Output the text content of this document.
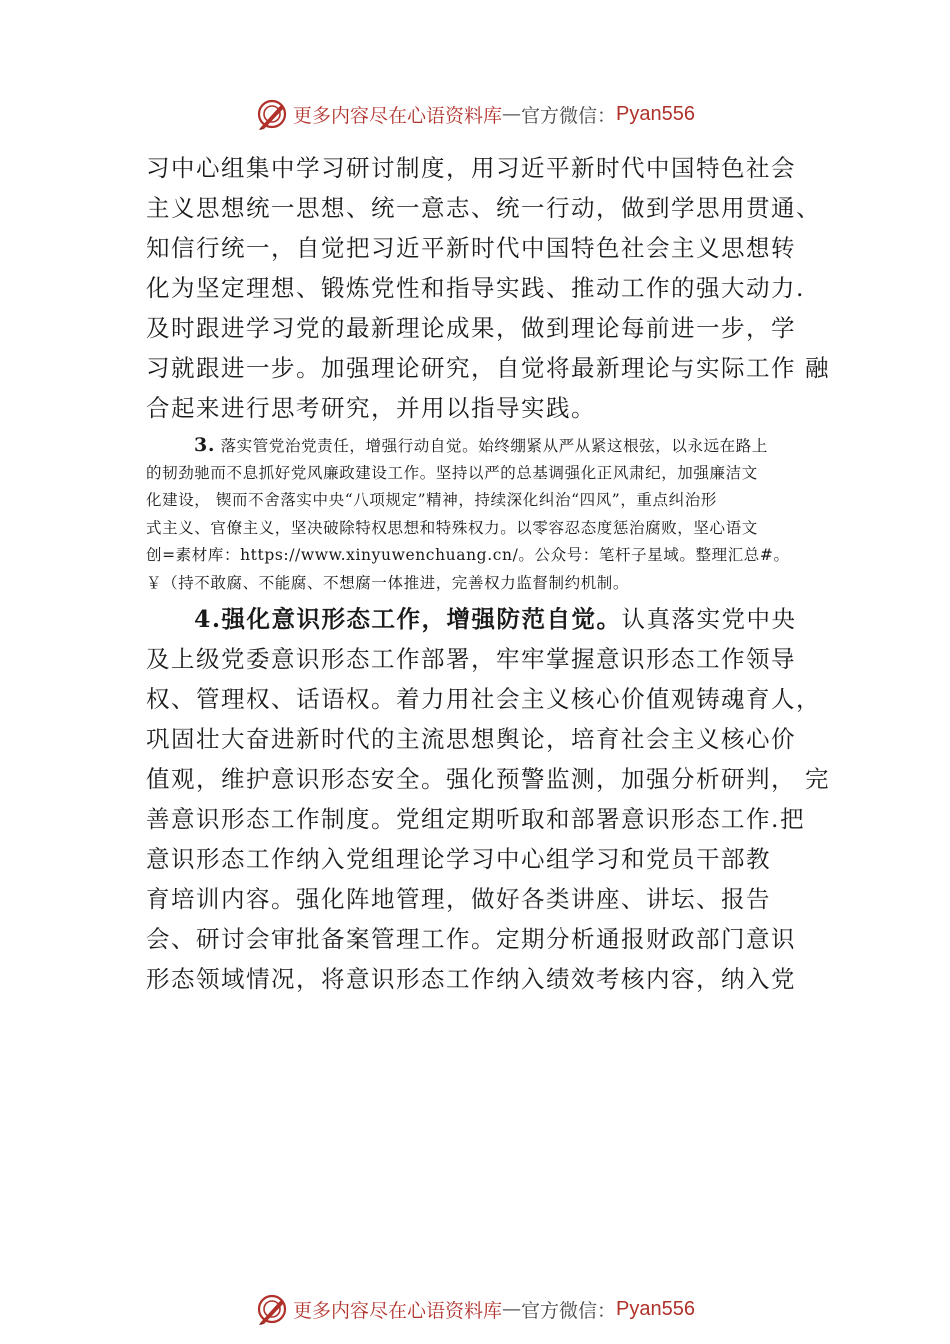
更多内容尽在心语资料库 — 官方微信： Pyan556
习中心组集中学习研讨制度，用习近平新时代中国特色社会
主义思想统一思想、统一意志、统一行动，做到学思用贯通、
知信行统一，自觉把习近平新时代中国特色社会主义思想转
化为坚定理想、锻炼党性和指导实践、推动工作的强大动力.
及时跟进学习党的最新理论成果，做到理论每前进一步，学
习就跟进一步。加强理论研究，自觉将最新理论与实际工作 融
合起来进行思考研究，并用以指导实践。
3. 落实管党治党责任，增强行动自觉。始终绷紧从严从紧这根弦，以永远在路上
的韧劲驰而不息抓好党风廉政建设工作。坚持以严的总基调强化正风肃纪，加强廉洁文
化建设， 锲而不舍落实中央“八项规定”精神，持续深化纠治“四风”，重点纠治形
式主义、官僚主义，坚决破除特权思想和特殊权力。以零容忍态度惩治腐败，坚心语文
创=素材库：https://www.xinyuwenchuang.cn/。公众号：笔杆子星域。整理汇总#。
￥（持不敢腐、不能腐、不想腐一体推进，完善权力监督制约机制。
4.强化意识形态工作，增强防范自觉。认真落实党中央
及上级党委意识形态工作部署，牢牢掌握意识形态工作领导
权、管理权、话语权。着力用社会主义核心价值观铸魂育人，
巩固壮大奋进新时代的主流思想舆论，培育社会主义核心价
值观，维护意识形态安全。强化预警监测，加强分析研判， 完
善意识形态工作制度。党组定期听取和部署意识形态工作.把
意识形态工作纳入党组理论学习中心组学习和党员干部教
育培训内容。强化阵地管理，做好各类讲座、讲坛、报告
会、研讨会审批备案管理工作。定期分析通报财政部门意识
形态领域情况，将意识形态工作纳入绩效考核内容，纳入党
更多内容尽在心语资料库 — 官方微信： Pyan556
